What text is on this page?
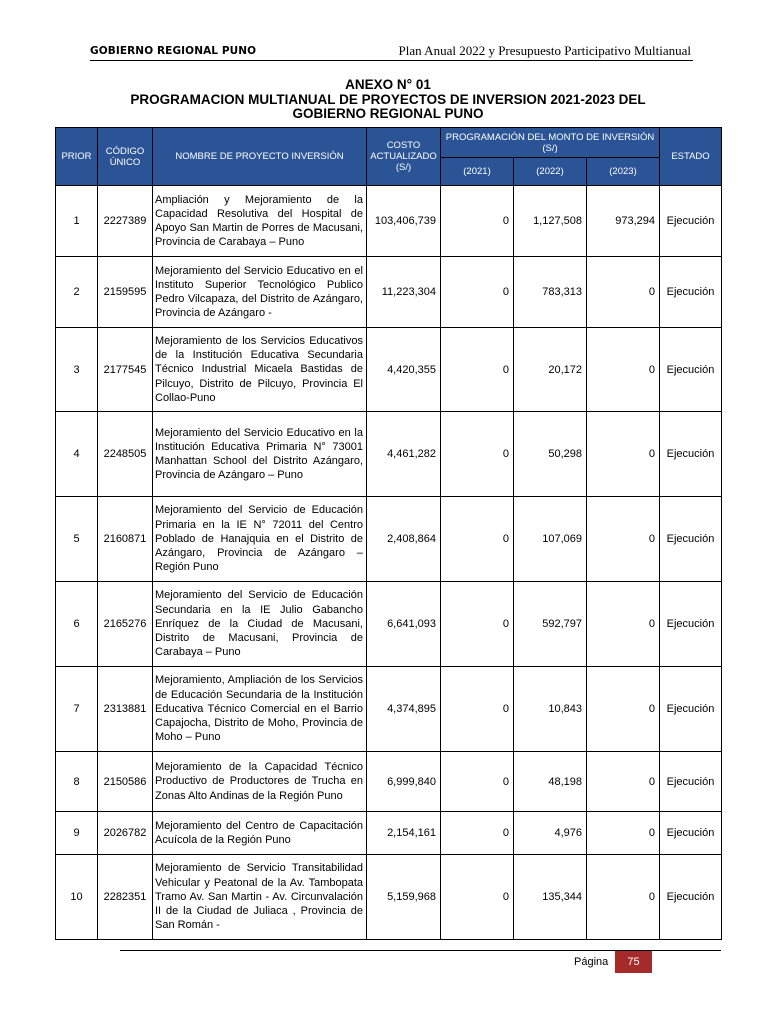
GOBIERNO REGIONAL PUNO	Plan Anual 2022 y Presupuesto Participativo Multianual
ANEXO N° 01
PROGRAMACION MULTIANUAL DE PROYECTOS DE INVERSION 2021-2023 DEL
GOBIERNO REGIONAL PUNO
PRIOR	CÓDIGO ÚNICO	NOMBRE DE PROYECTO INVERSIÓN	COSTO ACTUALIZADO (S/)	PROGRAMACIÓN DEL MONTO DE INVERSIÓN (S/)			ESTADO
				(2021)	(2022)	(2023)	
1	2227389	Ampliación y Mejoramiento de la Capacidad Resolutiva del Hospital de Apoyo San Martin de Porres de Macusani, Provincia de Carabaya – Puno	103,406,739	0	1,127,508	973,294	Ejecución
2	2159595	Mejoramiento del Servicio Educativo en el Instituto Superior Tecnológico Publico Pedro Vilcapaza, del Distrito de Azángaro, Provincia de Azángaro -	11,223,304	0	783,313	0	Ejecución
3	2177545	Mejoramiento de los Servicios Educativos de la Institución Educativa Secundaria Técnico Industrial Micaela Bastidas de Pilcuyo, Distrito de Pilcuyo, Provincia El Collao-Puno	4,420,355	0	20,172	0	Ejecución
4	2248505	Mejoramiento del Servicio Educativo en la Institución Educativa Primaria N° 73001 Manhattan School del Distrito Azángaro, Provincia de Azángaro – Puno	4,461,282	0	50,298	0	Ejecución
5	2160871	Mejoramiento del Servicio de Educación Primaria en la IE N° 72011 del Centro Poblado de Hanajquia en el Distrito de Azángaro, Provincia de Azángaro – Región Puno	2,408,864	0	107,069	0	Ejecución
6	2165276	Mejoramiento del Servicio de Educación Secundaria en la IE Julio Gabancho Enríquez de la Ciudad de Macusani, Distrito de Macusani, Provincia de Carabaya – Puno	6,641,093	0	592,797	0	Ejecución
7	2313881	Mejoramiento, Ampliación de los Servicios de Educación Secundaria de la Institución Educativa Técnico Comercial en el Barrio Capajocha, Distrito de Moho, Provincia de Moho – Puno	4,374,895	0	10,843	0	Ejecución
8	2150586	Mejoramiento de la Capacidad Técnico Productivo de Productores de Trucha en Zonas Alto Andinas de la Región Puno	6,999,840	0	48,198	0	Ejecución
9	2026782	Mejoramiento del Centro de Capacitación Acuícola de la Región Puno	2,154,161	0	4,976	0	Ejecución
10	2282351	Mejoramiento de Servicio Transitabilidad Vehicular y Peatonal de la Av. Tambopata Tramo Av. San Martin - Av. Circunvalación II de la Ciudad de Juliaca , Provincia de San Román -	5,159,968	0	135,344	0	Ejecución
Página	75
